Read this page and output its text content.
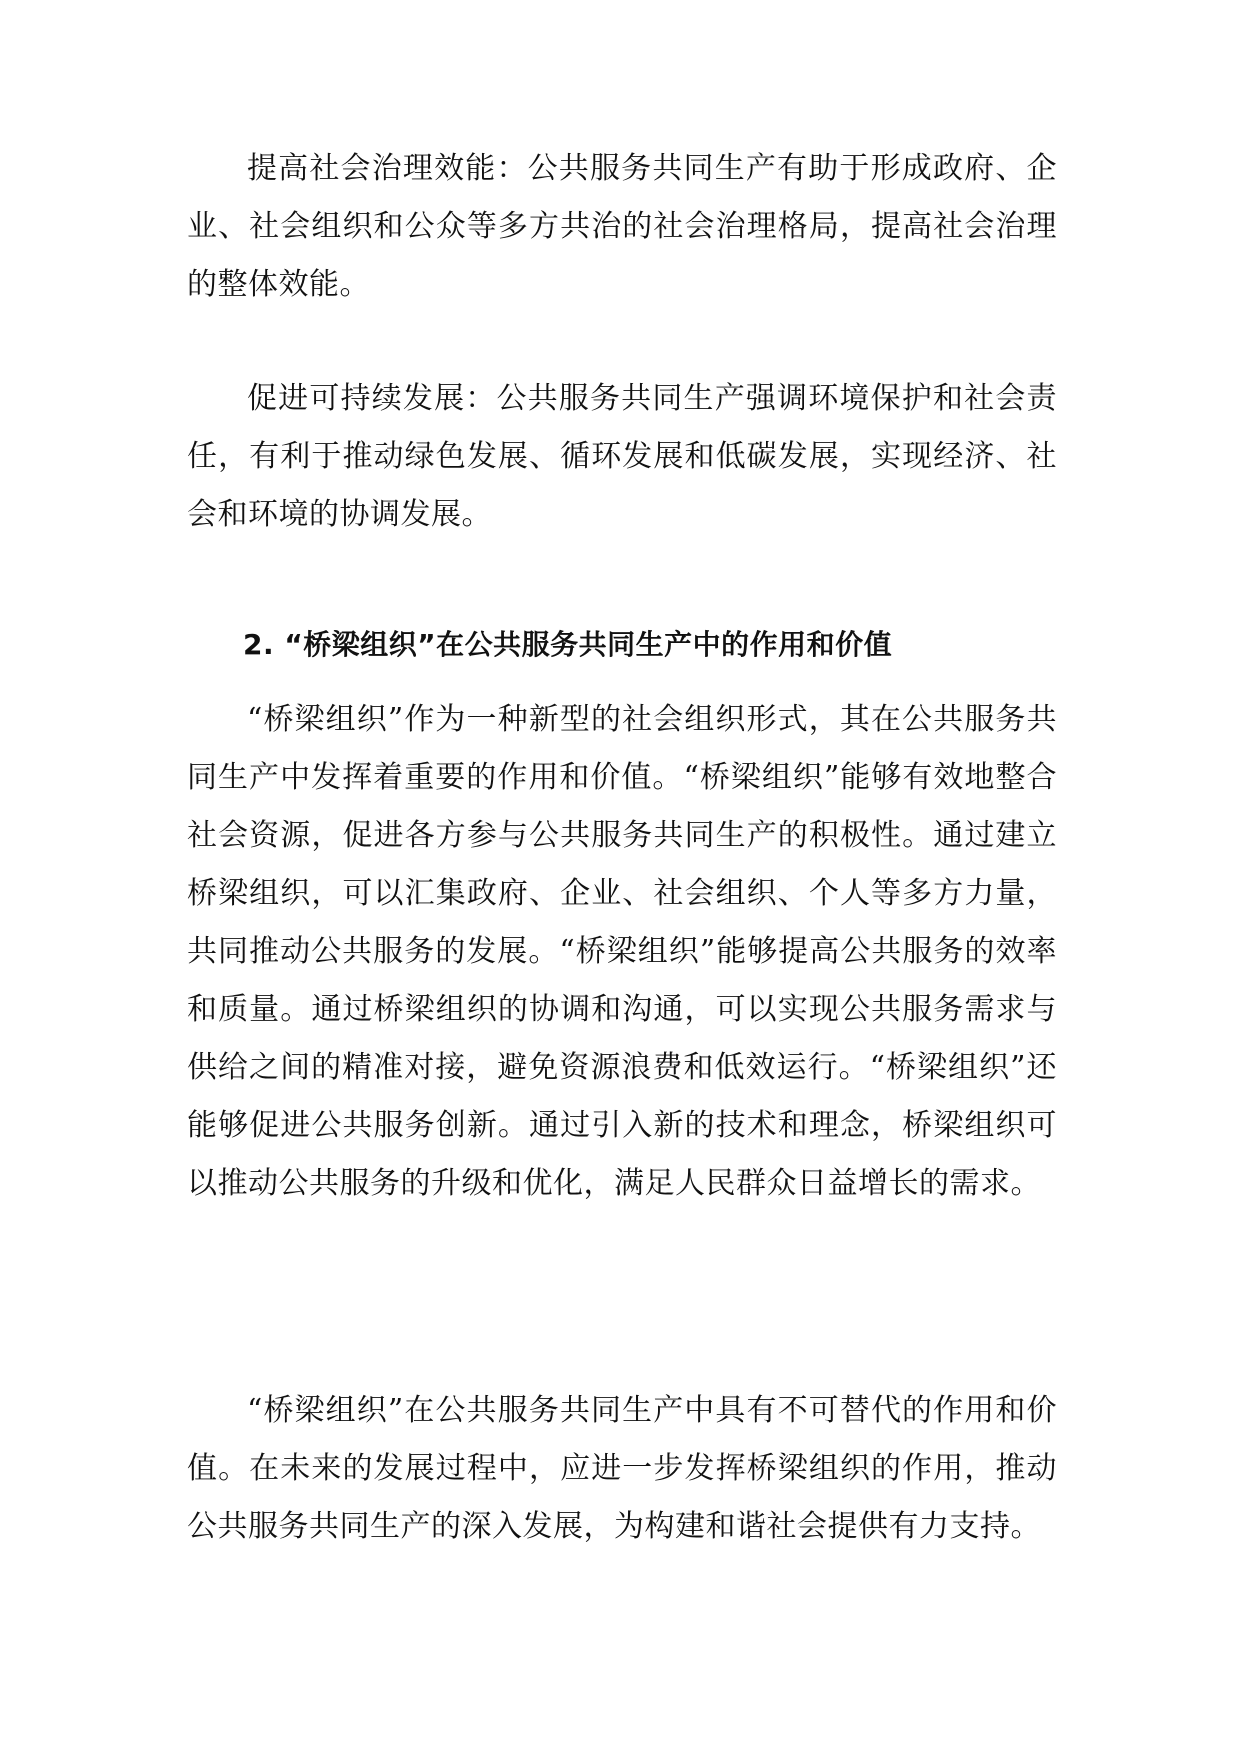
提高社会治理效能：公共服务共同生产有助于形成政府、企业、社会组织和公众等多方共治的社会治理格局，提高社会治理的整体效能。

促进可持续发展：公共服务共同生产强调环境保护和社会责任，有利于推动绿色发展、循环发展和低碳发展，实现经济、社会和环境的协调发展。

2. “桥梁组织”在公共服务共同生产中的作用和价值

“桥梁组织”作为一种新型的社会组织形式，其在公共服务共同生产中发挥着重要的作用和价值。“桥梁组织”能够有效地整合社会资源，促进各方参与公共服务共同生产的积极性。通过建立桥梁组织，可以汇集政府、企业、社会组织、个人等多方力量，共同推动公共服务的发展。“桥梁组织”能够提高公共服务的效率和质量。通过桥梁组织的协调和沟通，可以实现公共服务需求与供给之间的精准对接，避免资源浪费和低效运行。“桥梁组织”还能够促进公共服务创新。通过引入新的技术和理念，桥梁组织可以推动公共服务的升级和优化，满足人民群众日益增长的需求。

“桥梁组织”在公共服务共同生产中具有不可替代的作用和价值。在未来的发展过程中，应进一步发挥桥梁组织的作用，推动公共服务共同生产的深入发展，为构建和谐社会提供有力支持。
